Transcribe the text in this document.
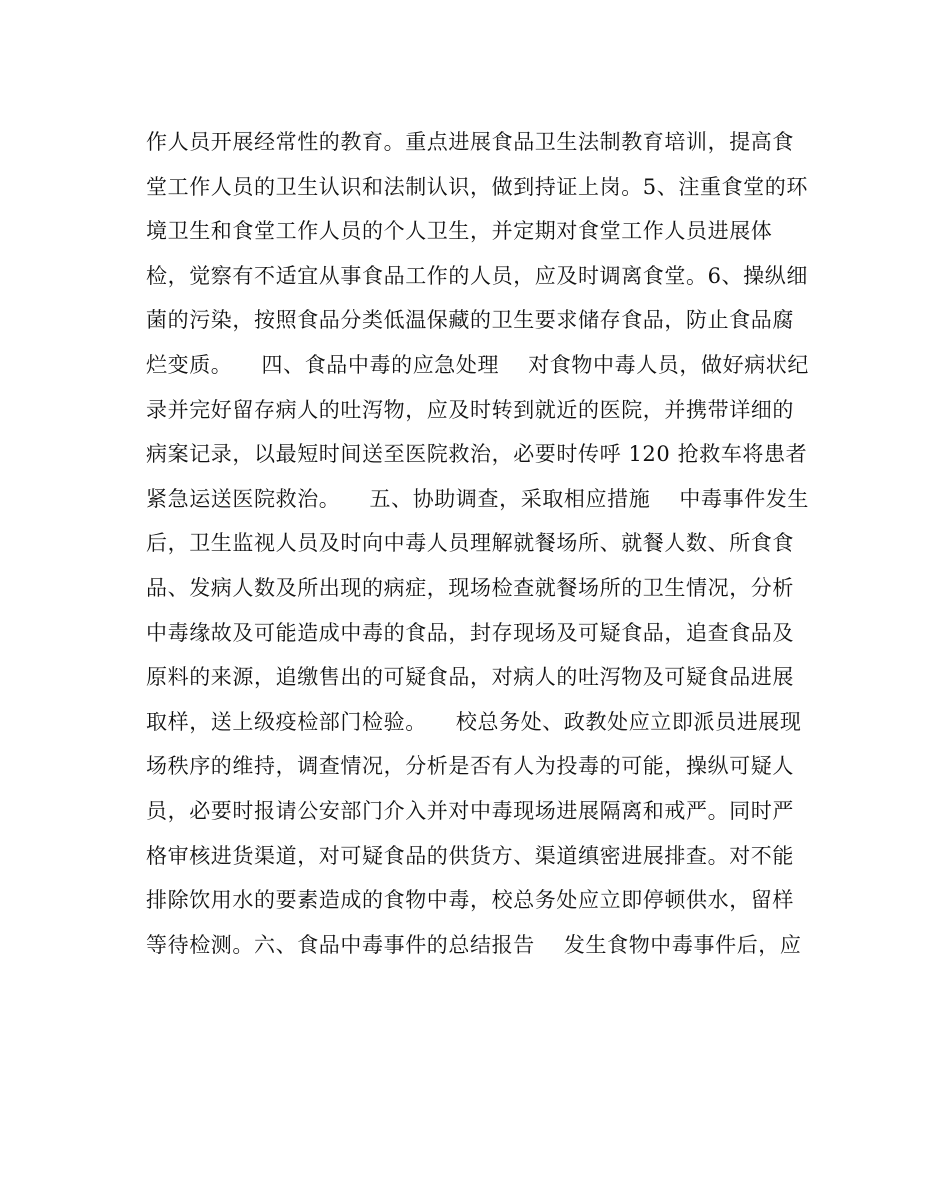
作人员开展经常性的教育。重点进展食品卫生法制教育培训，提高食
堂工作人员的卫生认识和法制认识，做到持证上岗。5、注重食堂的环
境卫生和食堂工作人员的个人卫生，并定期对食堂工作人员进展体
检，觉察有不适宜从事食品工作的人员，应及时调离食堂。6、操纵细
菌的污染，按照食品分类低温保藏的卫生要求储存食品，防止食品腐
烂变质。    四、食品中毒的应急处理    对食物中毒人员，做好病状纪
录并完好留存病人的吐泻物，应及时转到就近的医院，并携带详细的
病案记录，以最短时间送至医院救治，必要时传呼 120 抢救车将患者
紧急运送医院救治。    五、协助调查，采取相应措施    中毒事件发生
后，卫生监视人员及时向中毒人员理解就餐场所、就餐人数、所食食
品、发病人数及所出现的病症，现场检查就餐场所的卫生情况，分析
中毒缘故及可能造成中毒的食品，封存现场及可疑食品，追查食品及
原料的来源，追缴售出的可疑食品，对病人的吐泻物及可疑食品进展
取样，送上级疫检部门检验。    校总务处、政教处应立即派员进展现
场秩序的维持，调查情况，分析是否有人为投毒的可能，操纵可疑人
员，必要时报请公安部门介入并对中毒现场进展隔离和戒严。同时严
格审核进货渠道，对可疑食品的供货方、渠道缜密进展排查。对不能
排除饮用水的要素造成的食物中毒，校总务处应立即停顿供水，留样
等待检测。六、食品中毒事件的总结报告    发生食物中毒事件后，应
